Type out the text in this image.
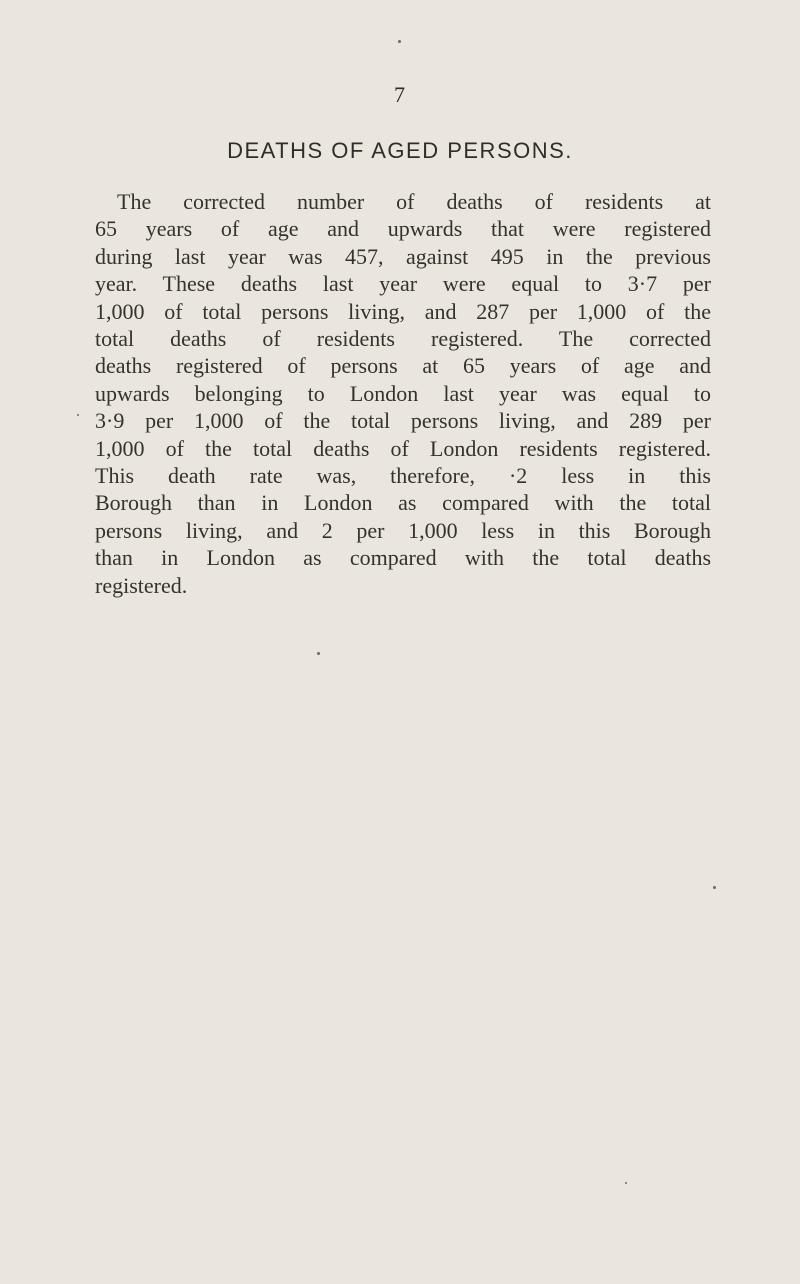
7
DEATHS OF AGED PERSONS.
The corrected number of deaths of residents at
65 years of age and upwards that were registered
during last year was 457, against 495 in the previous
year. These deaths last year were equal to 3·7 per
1,000 of total persons living, and 287 per 1,000 of the
total deaths of residents registered. The corrected
deaths registered of persons at 65 years of age and
upwards belonging to London last year was equal to
3·9 per 1,000 of the total persons living, and 289 per
1,000 of the total deaths of London residents registered.
This death rate was, therefore, ·2 less in this
Borough than in London as compared with the total
persons living, and 2 per 1,000 less in this Borough
than in London as compared with the total deaths
registered.
